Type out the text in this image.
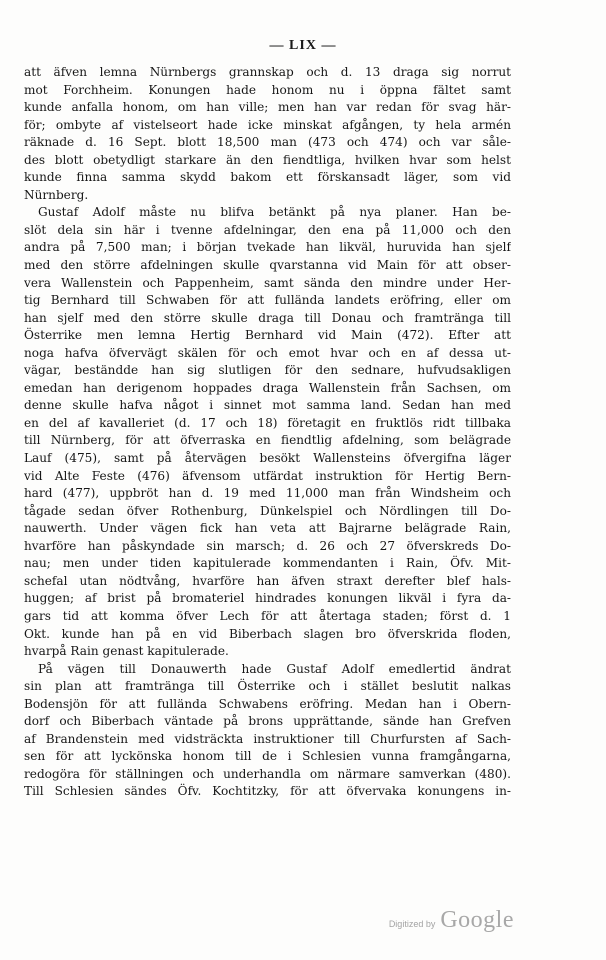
— LIX —
att äfven lemna Nürnbergs grannskap och d. 13 draga sig norrut
mot Forchheim. Konungen hade honom nu i öppna fältet samt
kunde anfalla honom, om han ville; men han var redan för svag här-
för; ombyte af vistelseort hade icke minskat afgången, ty hela armén
räknade d. 16 Sept. blott 18,500 man (473 och 474) och var såle-
des blott obetydligt starkare än den fiendtliga, hvilken hvar som helst
kunde finna samma skydd bakom ett förskansadt läger, som vid
Nürnberg.
Gustaf Adolf måste nu blifva betänkt på nya planer. Han be-
slöt dela sin här i tvenne afdelningar, den ena på 11,000 och den
andra på 7,500 man; i början tvekade han likväl, huruvida han sjelf
med den större afdelningen skulle qvarstanna vid Main för att obser-
vera Wallenstein och Pappenheim, samt sända den mindre under Her-
tig Bernhard till Schwaben för att fullända landets eröfring, eller om
han sjelf med den större skulle draga till Donau och framtränga till
Österrike men lemna Hertig Bernhard vid Main (472). Efter att
noga hafva öfvervägt skälen för och emot hvar och en af dessa ut-
vägar, beständde han sig slutligen för den sednare, hufvudsakligen
emedan han derigenom hoppades draga Wallenstein från Sachsen, om
denne skulle hafva något i sinnet mot samma land. Sedan han med
en del af kavalleriet (d. 17 och 18) företagit en fruktlös ridt tillbaka
till Nürnberg, för att öfverraska en fiendtlig afdelning, som belägrade
Lauf (475), samt på återvägen besökt Wallensteins öfvergifna läger
vid Alte Feste (476) äfvensom utfärdat instruktion för Hertig Bern-
hard (477), uppbröt han d. 19 med 11,000 man från Windsheim och
tågade sedan öfver Rothenburg, Dünkelspiel och Nördlingen till Do-
nauwerth. Under vägen fick han veta att Bajrarne belägrade Rain,
hvarföre han påskyndade sin marsch; d. 26 och 27 öfverskreds Do-
nau; men under tiden kapitulerade kommendanten i Rain, Öfv. Mit-
schefal utan nödtvång, hvarföre han äfven straxt derefter blef hals-
huggen; af brist på bromateriel hindrades konungen likväl i fyra da-
gars tid att komma öfver Lech för att återtaga staden; först d. 1
Okt. kunde han på en vid Biberbach slagen bro öfverskrida floden,
hvarpå Rain genast kapitulerade.
På vägen till Donauwerth hade Gustaf Adolf emedlertid ändrat
sin plan att framtränga till Österrike och i stället beslutit nalkas
Bodensjön för att fullända Schwabens eröfring. Medan han i Obern-
dorf och Biberbach väntade på brons upprättande, sände han Grefven
af Brandenstein med vidsträckta instruktioner till Churfursten af Sach-
sen för att lyckönska honom till de i Schlesien vunna framgångarna,
redogöra för ställningen och underhandla om närmare samverkan (480).
Till Schlesien sändes Öfv. Kochtitzky, för att öfvervaka konungens in-
Digitized by Google
